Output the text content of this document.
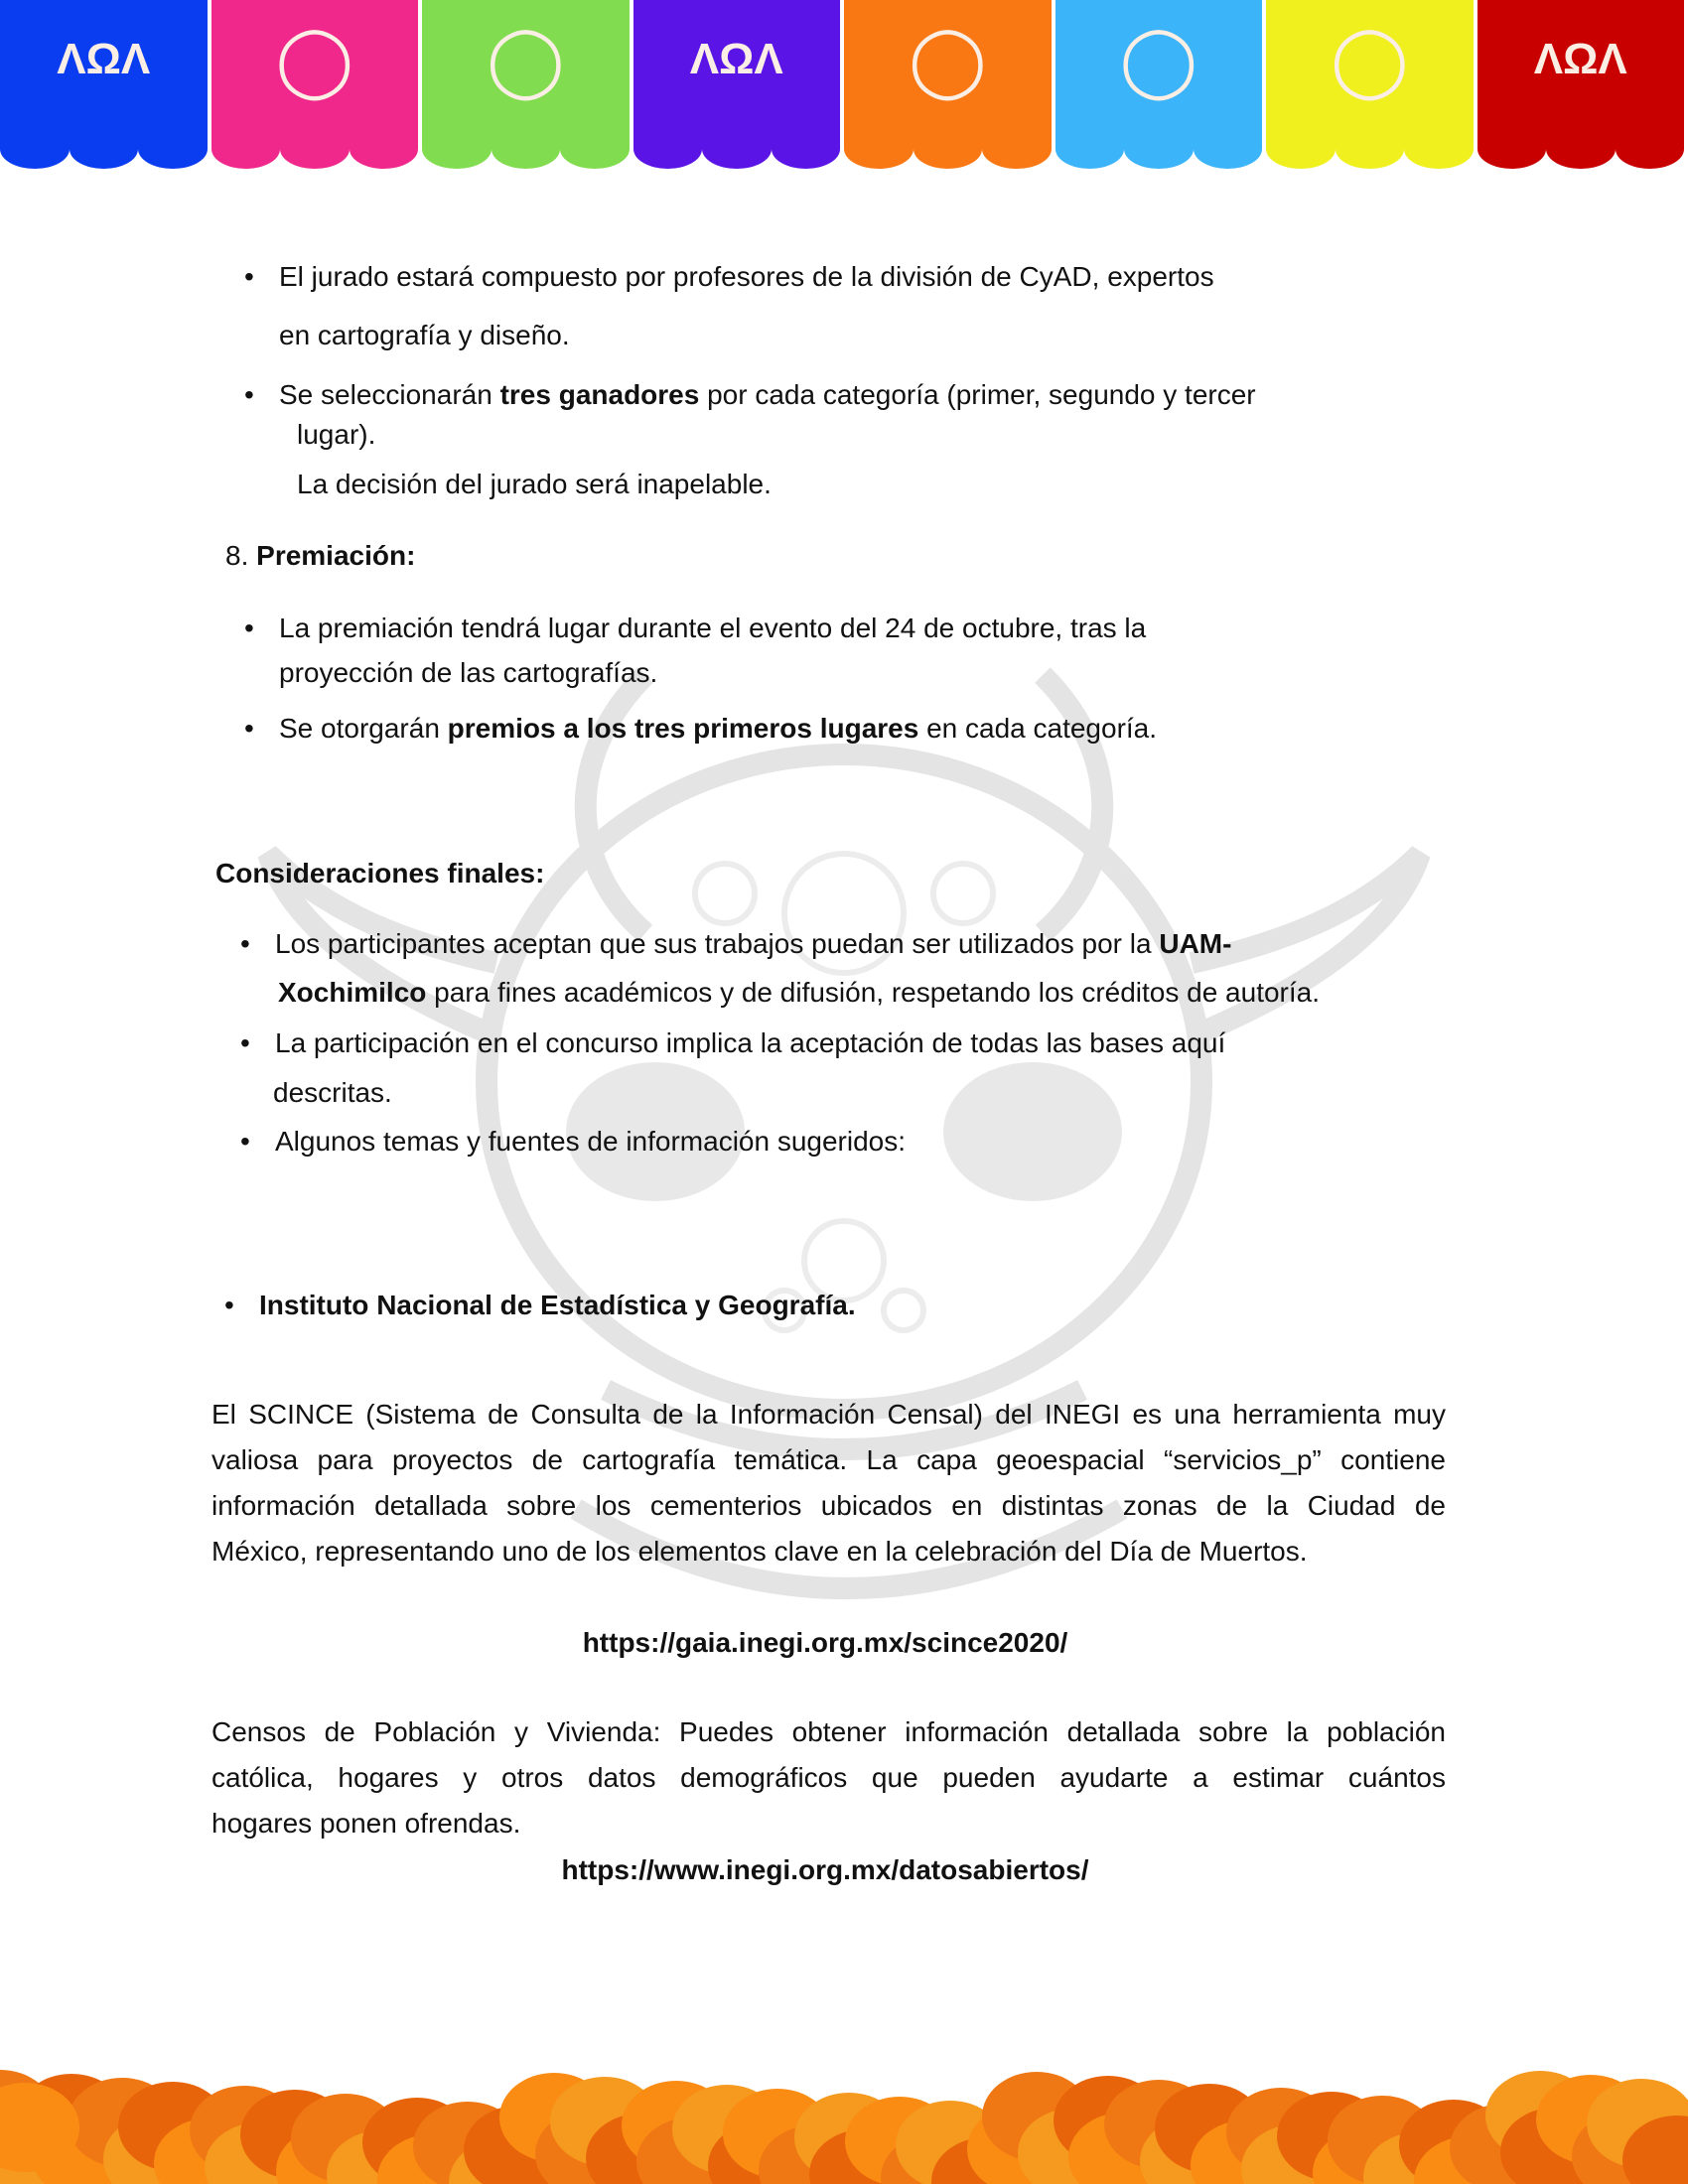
ΛΩΛ ◯ ◯	ΛΩΛ ◯ ◯ ◯	ΛΩΛ
• El jurado estará compuesto por profesores de la división de CyAD, expertos
en cartografía y diseño.
• Se seleccionarán tres ganadores por cada categoría (primer, segundo y tercer
lugar).
La decisión del jurado será inapelable.
8. Premiación:
• La premiación tendrá lugar durante el evento del 24 de octubre, tras la
proyección de las cartografías.
• Se otorgarán premios a los tres primeros lugares en cada categoría.
Consideraciones finales:
• Los participantes aceptan que sus trabajos puedan ser utilizados por la UAM-
Xochimilco para fines académicos y de difusión, respetando los créditos de autoría.
• La participación en el concurso implica la aceptación de todas las bases aquí
descritas.
• Algunos temas y fuentes de información sugeridos:
• Instituto Nacional de Estadística y Geografía.
El SCINCE (Sistema de Consulta de la Información Censal) del INEGI es una herramienta muy
valiosa para proyectos de cartografía temática. La capa geoespacial “servicios_p” contiene
información detallada sobre los cementerios ubicados en distintas zonas de la Ciudad de
México, representando uno de los elementos clave en la celebración del Día de Muertos.
https://gaia.inegi.org.mx/scince2020/
Censos de Población y Vivienda: Puedes obtener información detallada sobre la población
católica, hogares y otros datos demográficos que pueden ayudarte a estimar cuántos
hogares ponen ofrendas.
https://www.inegi.org.mx/datosabiertos/
